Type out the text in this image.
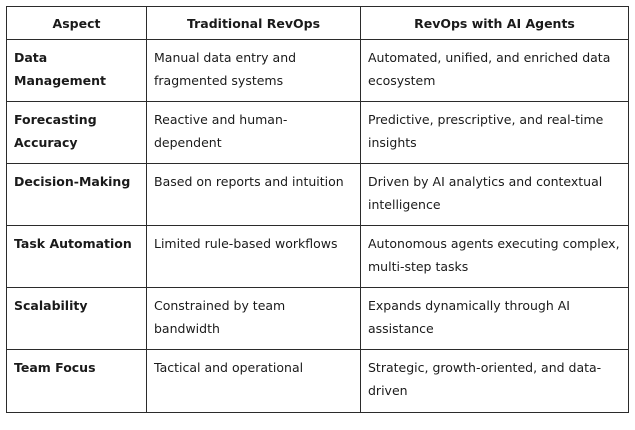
Aspect	Traditional RevOps	RevOps with AI Agents
Data Management	Manual data entry and fragmented systems	Automated, unified, and enriched data ecosystem
Forecasting Accuracy	Reactive and human-dependent	Predictive, prescriptive, and real-time insights
Decision-Making	Based on reports and intuition	Driven by AI analytics and contextual intelligence
Task Automation	Limited rule-based workflows	Autonomous agents executing complex, multi-step tasks
Scalability	Constrained by team bandwidth	Expands dynamically through AI assistance
Team Focus	Tactical and operational	Strategic, growth-oriented, and data-driven
